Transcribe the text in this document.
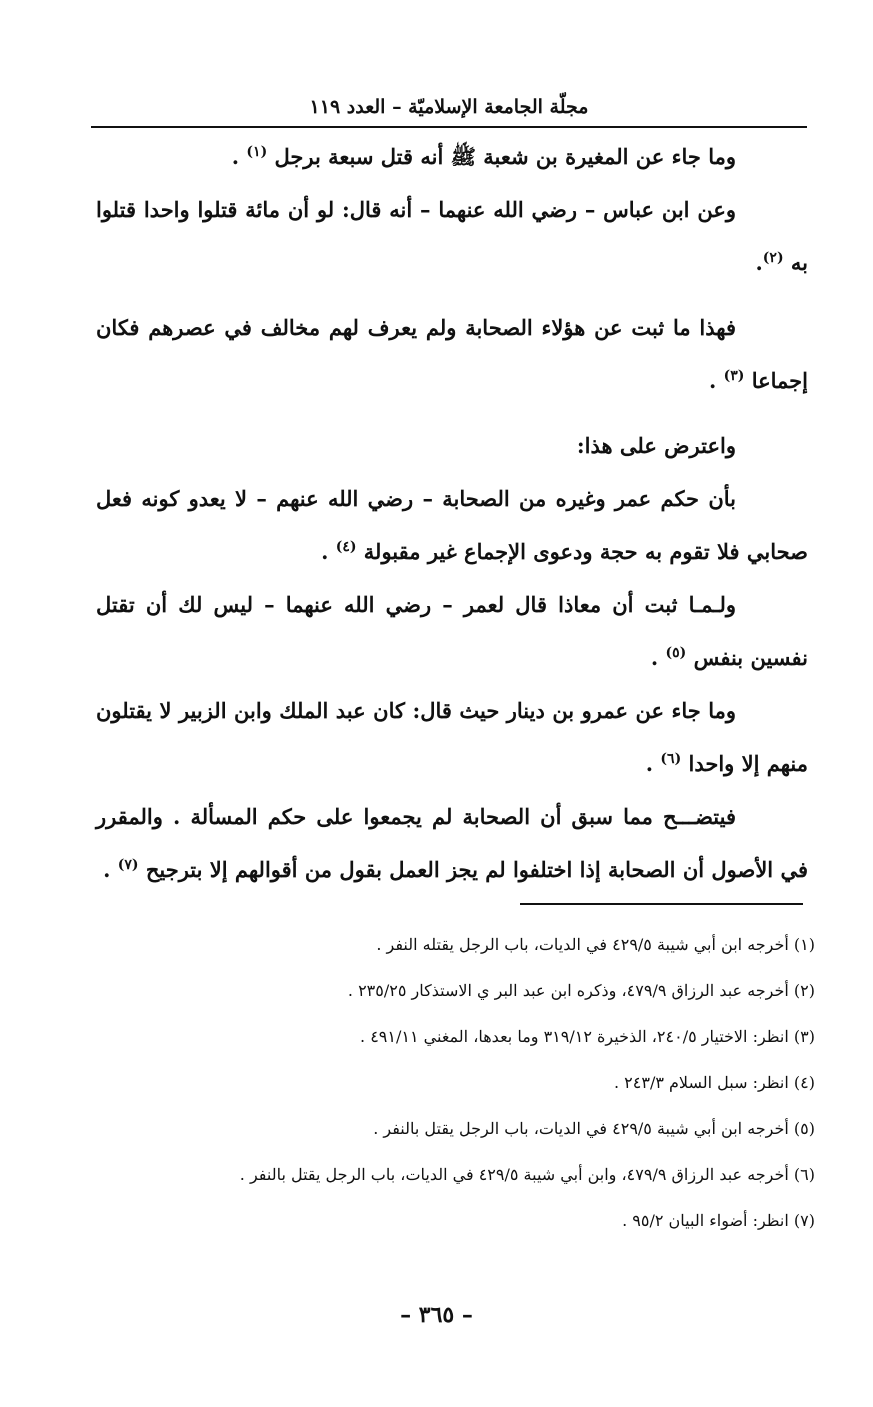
مجلّة الجامعة الإسلاميّة – العدد ١١٩

وما جاء عن المغيرة بن شعبة ﷺ أنه قتل سبعة برجل $^{(١)}$ .

وعن ابن عباس – رضي الله عنهما – أنه قال: لو أن مائة قتلوا واحدا قتلوا به $^{(٢)}$.

فهذا ما ثبت عن هؤلاء الصحابة ولم يعرف لهم مخالف في عصرهم فكان إجماعا $^{(٣)}$ .

واعترض على هذا:

بأن حكم عمر وغيره من الصحابة – رضي الله عنهم – لا يعدو كونه فعل صحابي فلا تقوم به حجة ودعوى الإجماع غير مقبولة $^{(٤)}$ .

ولـمـا ثبت أن معاذا قال لعمر – رضي الله عنهما – ليس لك أن تقتل نفسين بنفس $^{(٥)}$ .

وما جاء عن عمرو بن دينار حيث قال: كان عبد الملك وابن الزبير لا يقتلون منهم إلا واحدا $^{(٦)}$ .

فيتضـــح مما سبق أن الصحابة لم يجمعوا على حكم المسألة . والمقرر في الأصول أن الصحابة إذا اختلفوا لم يجز العمل بقول من أقوالهم إلا بترجيح $^{(٧)}$ .

(١) أخرجه ابن أبي شيبة ٤٢٩/٥ في الديات، باب الرجل يقتله النفر .
(٢) أخرجه عبد الرزاق ٤٧٩/٩، وذكره ابن عبد البر ي الاستذكار ٢٣٥/٢٥ .
(٣) انظر: الاختيار ٢٤٠/٥، الذخيرة ٣١٩/١٢ وما بعدها، المغني ٤٩١/١١ .
(٤) انظر: سبل السلام ٢٤٣/٣ .
(٥) أخرجه ابن أبي شيبة ٤٢٩/٥ في الديات، باب الرجل يقتل بالنفر .
(٦) أخرجه عبد الرزاق ٤٧٩/٩، وابن أبي شيبة ٤٢٩/٥ في الديات، باب الرجل يقتل بالنفر .
(٧) انظر: أضواء البيان ٩٥/٢ .
– ٣٦٥ –
